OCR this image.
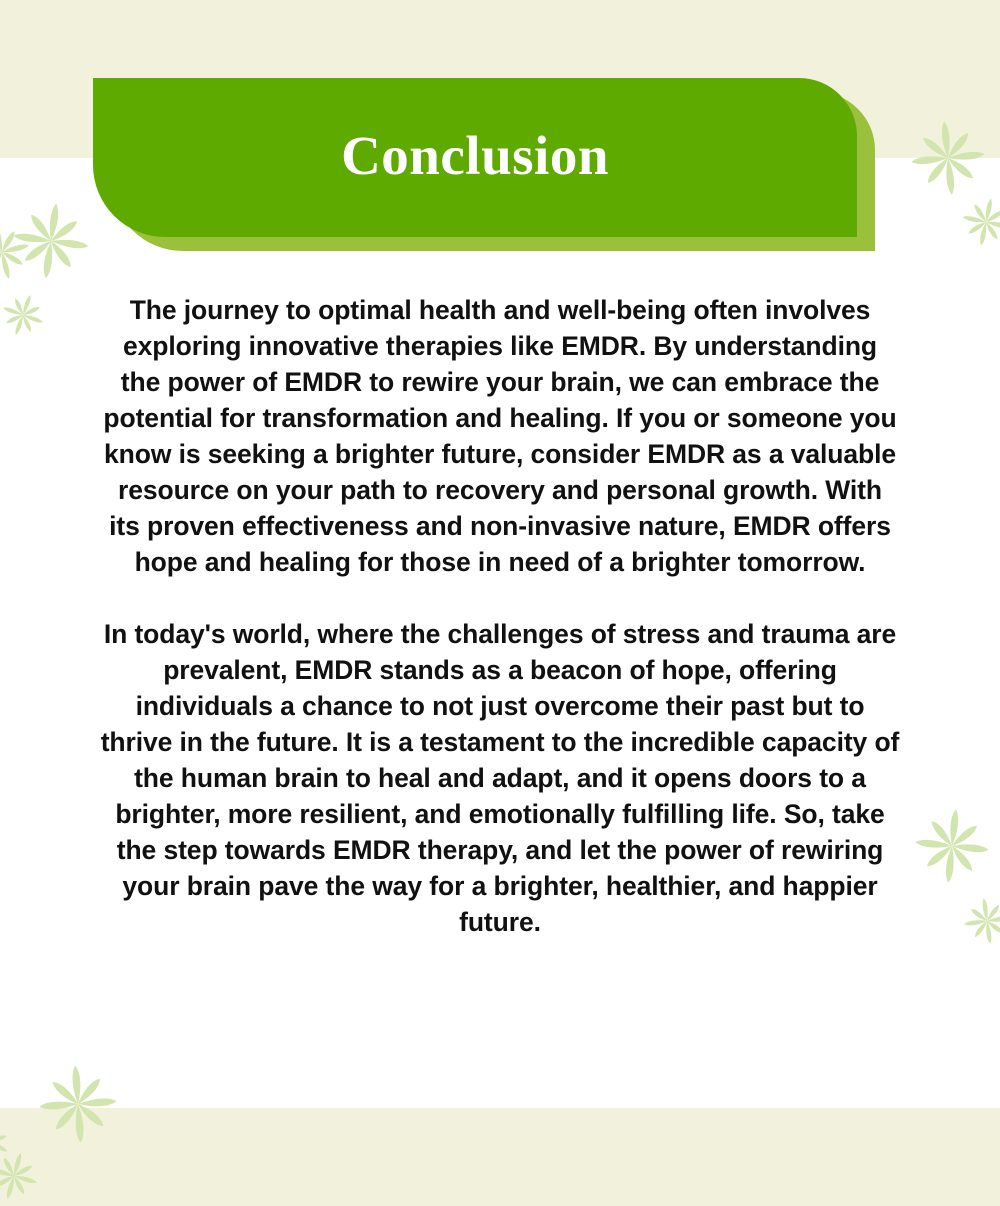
Conclusion

The journey to optimal health and well-being often involves exploring innovative therapies like EMDR. By understanding the power of EMDR to rewire your brain, we can embrace the potential for transformation and healing. If you or someone you know is seeking a brighter future, consider EMDR as a valuable resource on your path to recovery and personal growth. With its proven effectiveness and non-invasive nature, EMDR offers hope and healing for those in need of a brighter tomorrow.

In today's world, where the challenges of stress and trauma are prevalent, EMDR stands as a beacon of hope, offering individuals a chance to not just overcome their past but to thrive in the future. It is a testament to the incredible capacity of the human brain to heal and adapt, and it opens doors to a brighter, more resilient, and emotionally fulfilling life. So, take the step towards EMDR therapy, and let the power of rewiring your brain pave the way for a brighter, healthier, and happier future.
